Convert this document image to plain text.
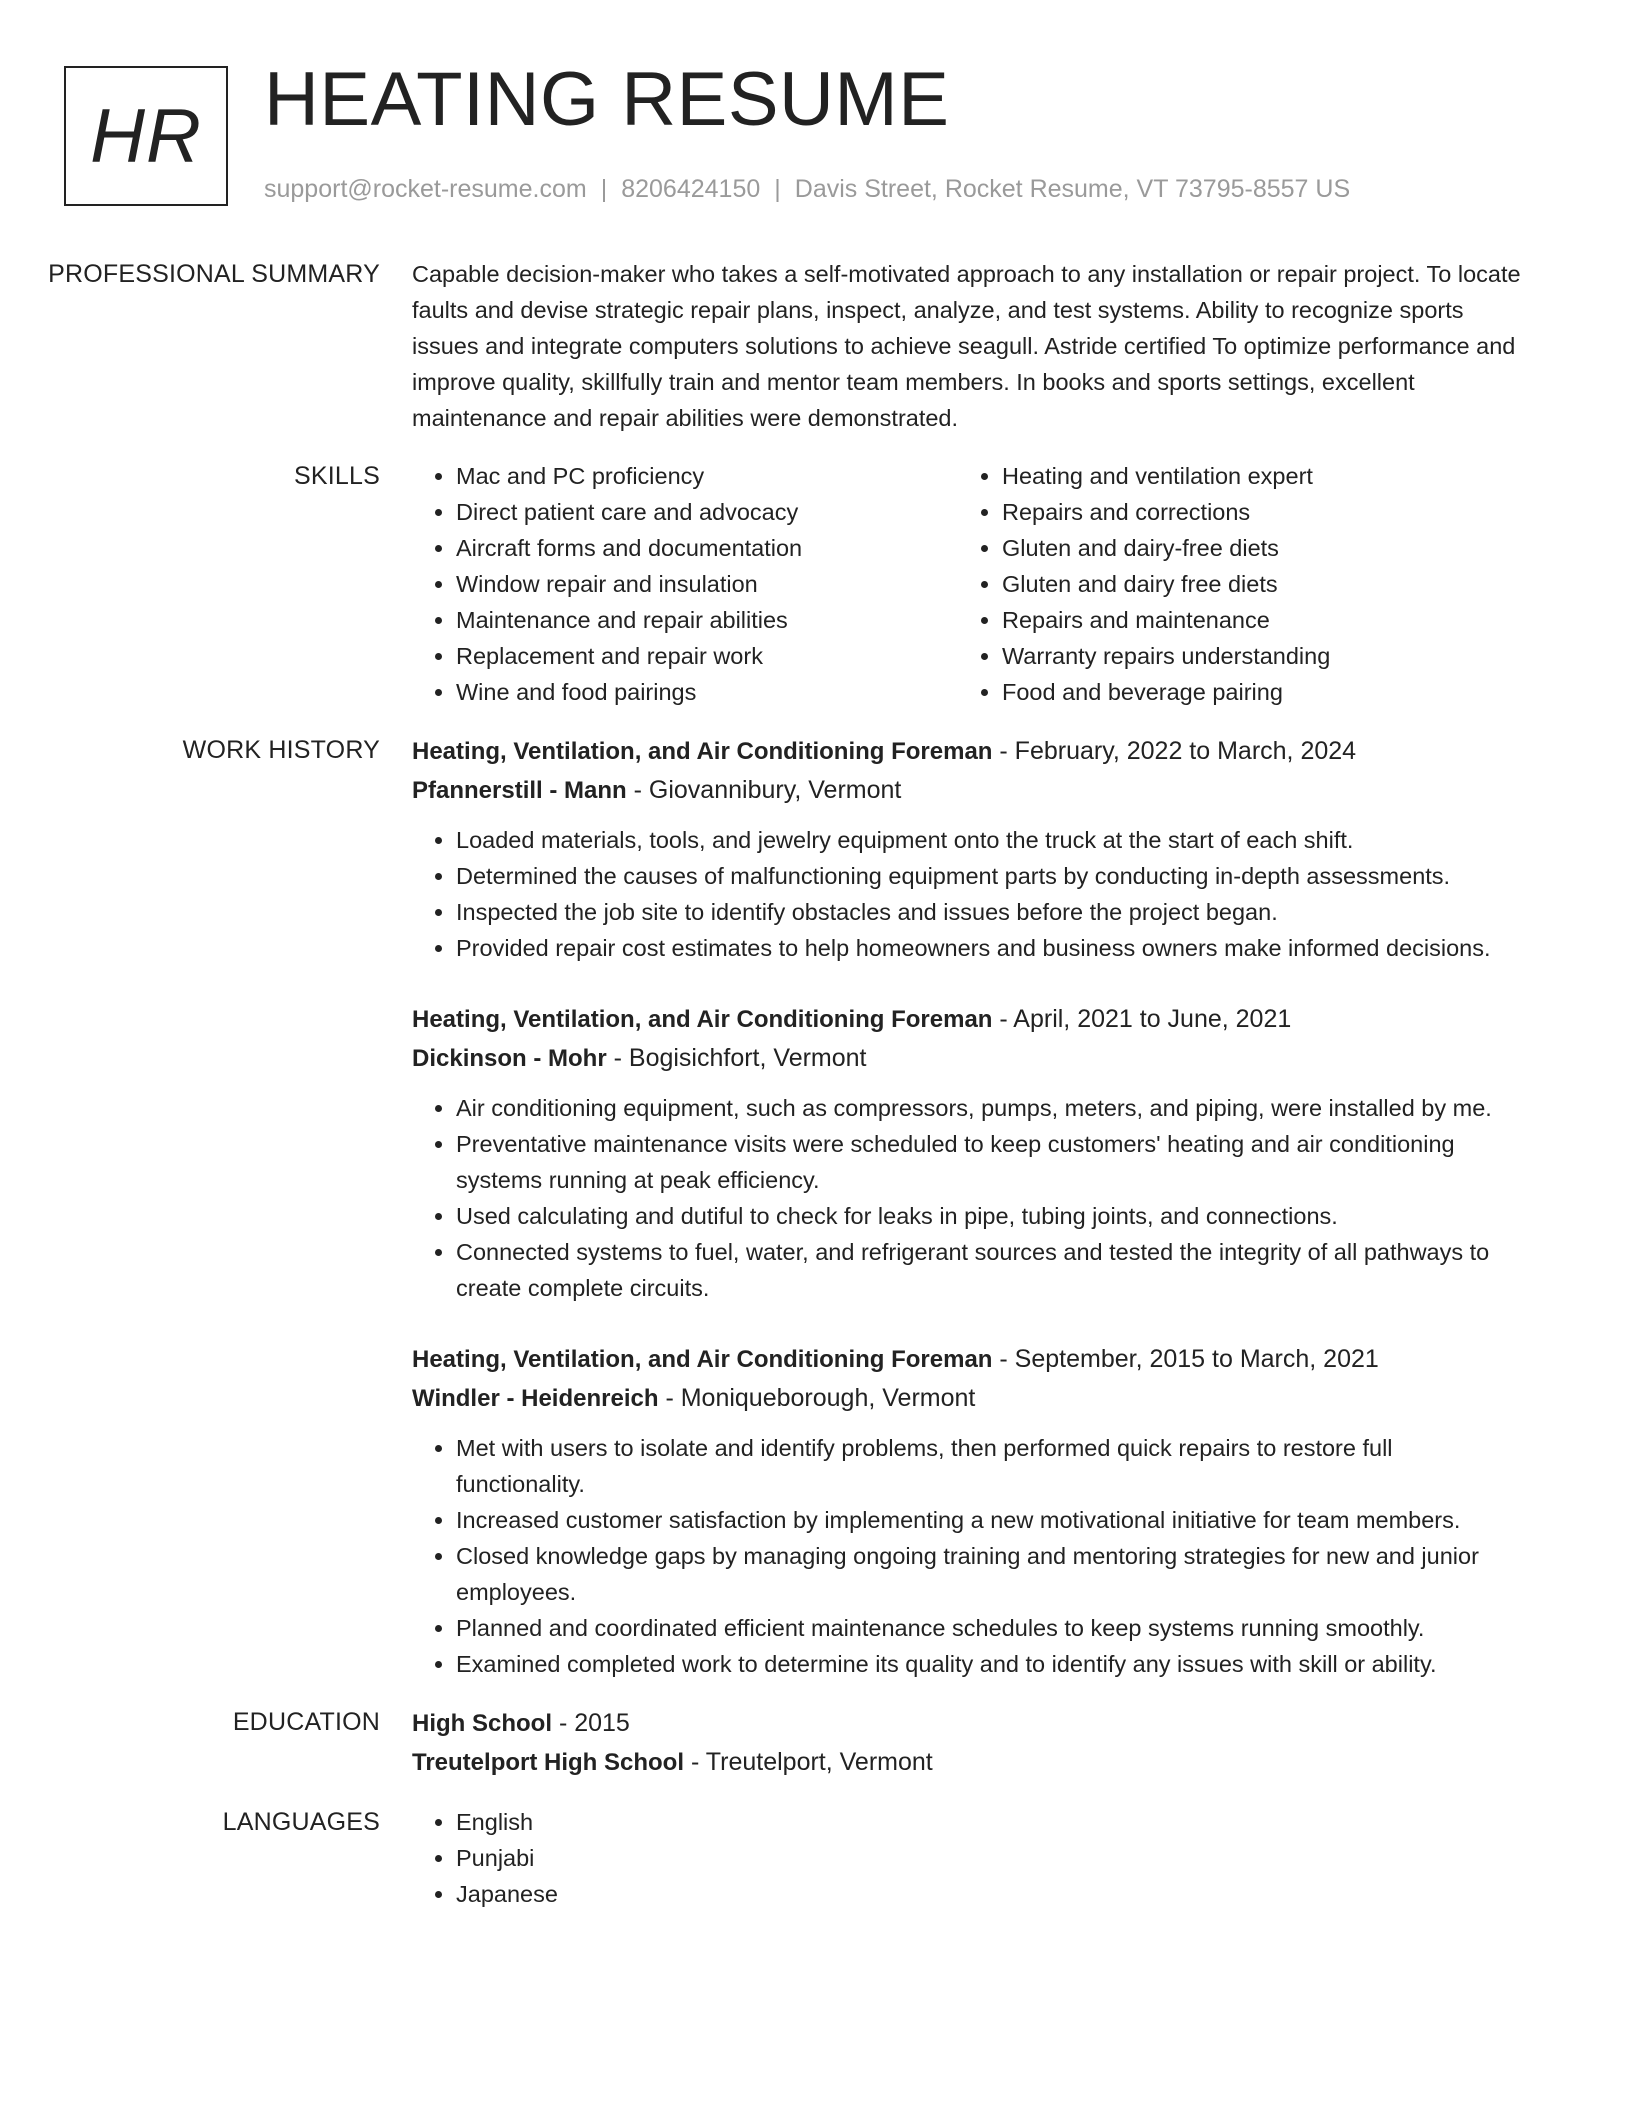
HR HEATING RESUME
support@rocket-resume.com | 8206424150 | Davis Street, Rocket Resume, VT 73795-8557 US
PROFESSIONAL SUMMARY	Capable decision-maker who takes a self-motivated approach to any installation or repair project. To locate faults and devise strategic repair plans, inspect, analyze, and test systems. Ability to recognize sports issues and integrate computers solutions to achieve seagull. Astride certified To optimize performance and improve quality, skillfully train and mentor team members. In books and sports settings, excellent maintenance and repair abilities were demonstrated.

SKILLS	• Mac and PC proficiency
• Direct patient care and advocacy
• Aircraft forms and documentation
• Window repair and insulation
• Maintenance and repair abilities
• Replacement and repair work
• Wine and food pairings
• Heating and ventilation expert
• Repairs and corrections
• Gluten and dairy-free diets
• Gluten and dairy free diets
• Repairs and maintenance
• Warranty repairs understanding
• Food and beverage pairing
WORK HISTORY	Heating, Ventilation, and Air Conditioning Foreman - February, 2022 to March, 2024
Pfannerstill - Mann - Giovannibury, Vermont
• Loaded materials, tools, and jewelry equipment onto the truck at the start of each shift.
• Determined the causes of malfunctioning equipment parts by conducting in-depth assessments.
• Inspected the job site to identify obstacles and issues before the project began.
• Provided repair cost estimates to help homeowners and business owners make informed decisions.
Heating, Ventilation, and Air Conditioning Foreman - April, 2021 to June, 2021
Dickinson - Mohr - Bogisichfort, Vermont
• Air conditioning equipment, such as compressors, pumps, meters, and piping, were installed by me.
• Preventative maintenance visits were scheduled to keep customers' heating and air conditioning systems running at peak efficiency.
• Used calculating and dutiful to check for leaks in pipe, tubing joints, and connections.
• Connected systems to fuel, water, and refrigerant sources and tested the integrity of all pathways to create complete circuits.
Heating, Ventilation, and Air Conditioning Foreman - September, 2015 to March, 2021
Windler - Heidenreich - Moniqueborough, Vermont
• Met with users to isolate and identify problems, then performed quick repairs to restore full functionality.
• Increased customer satisfaction by implementing a new motivational initiative for team members.
• Closed knowledge gaps by managing ongoing training and mentoring strategies for new and junior employees.
• Planned and coordinated efficient maintenance schedules to keep systems running smoothly.
• Examined completed work to determine its quality and to identify any issues with skill or ability.
EDUCATION	High School - 2015
Treutelport High School - Treutelport, Vermont
LANGUAGES	• English
• Punjabi
• Japanese
